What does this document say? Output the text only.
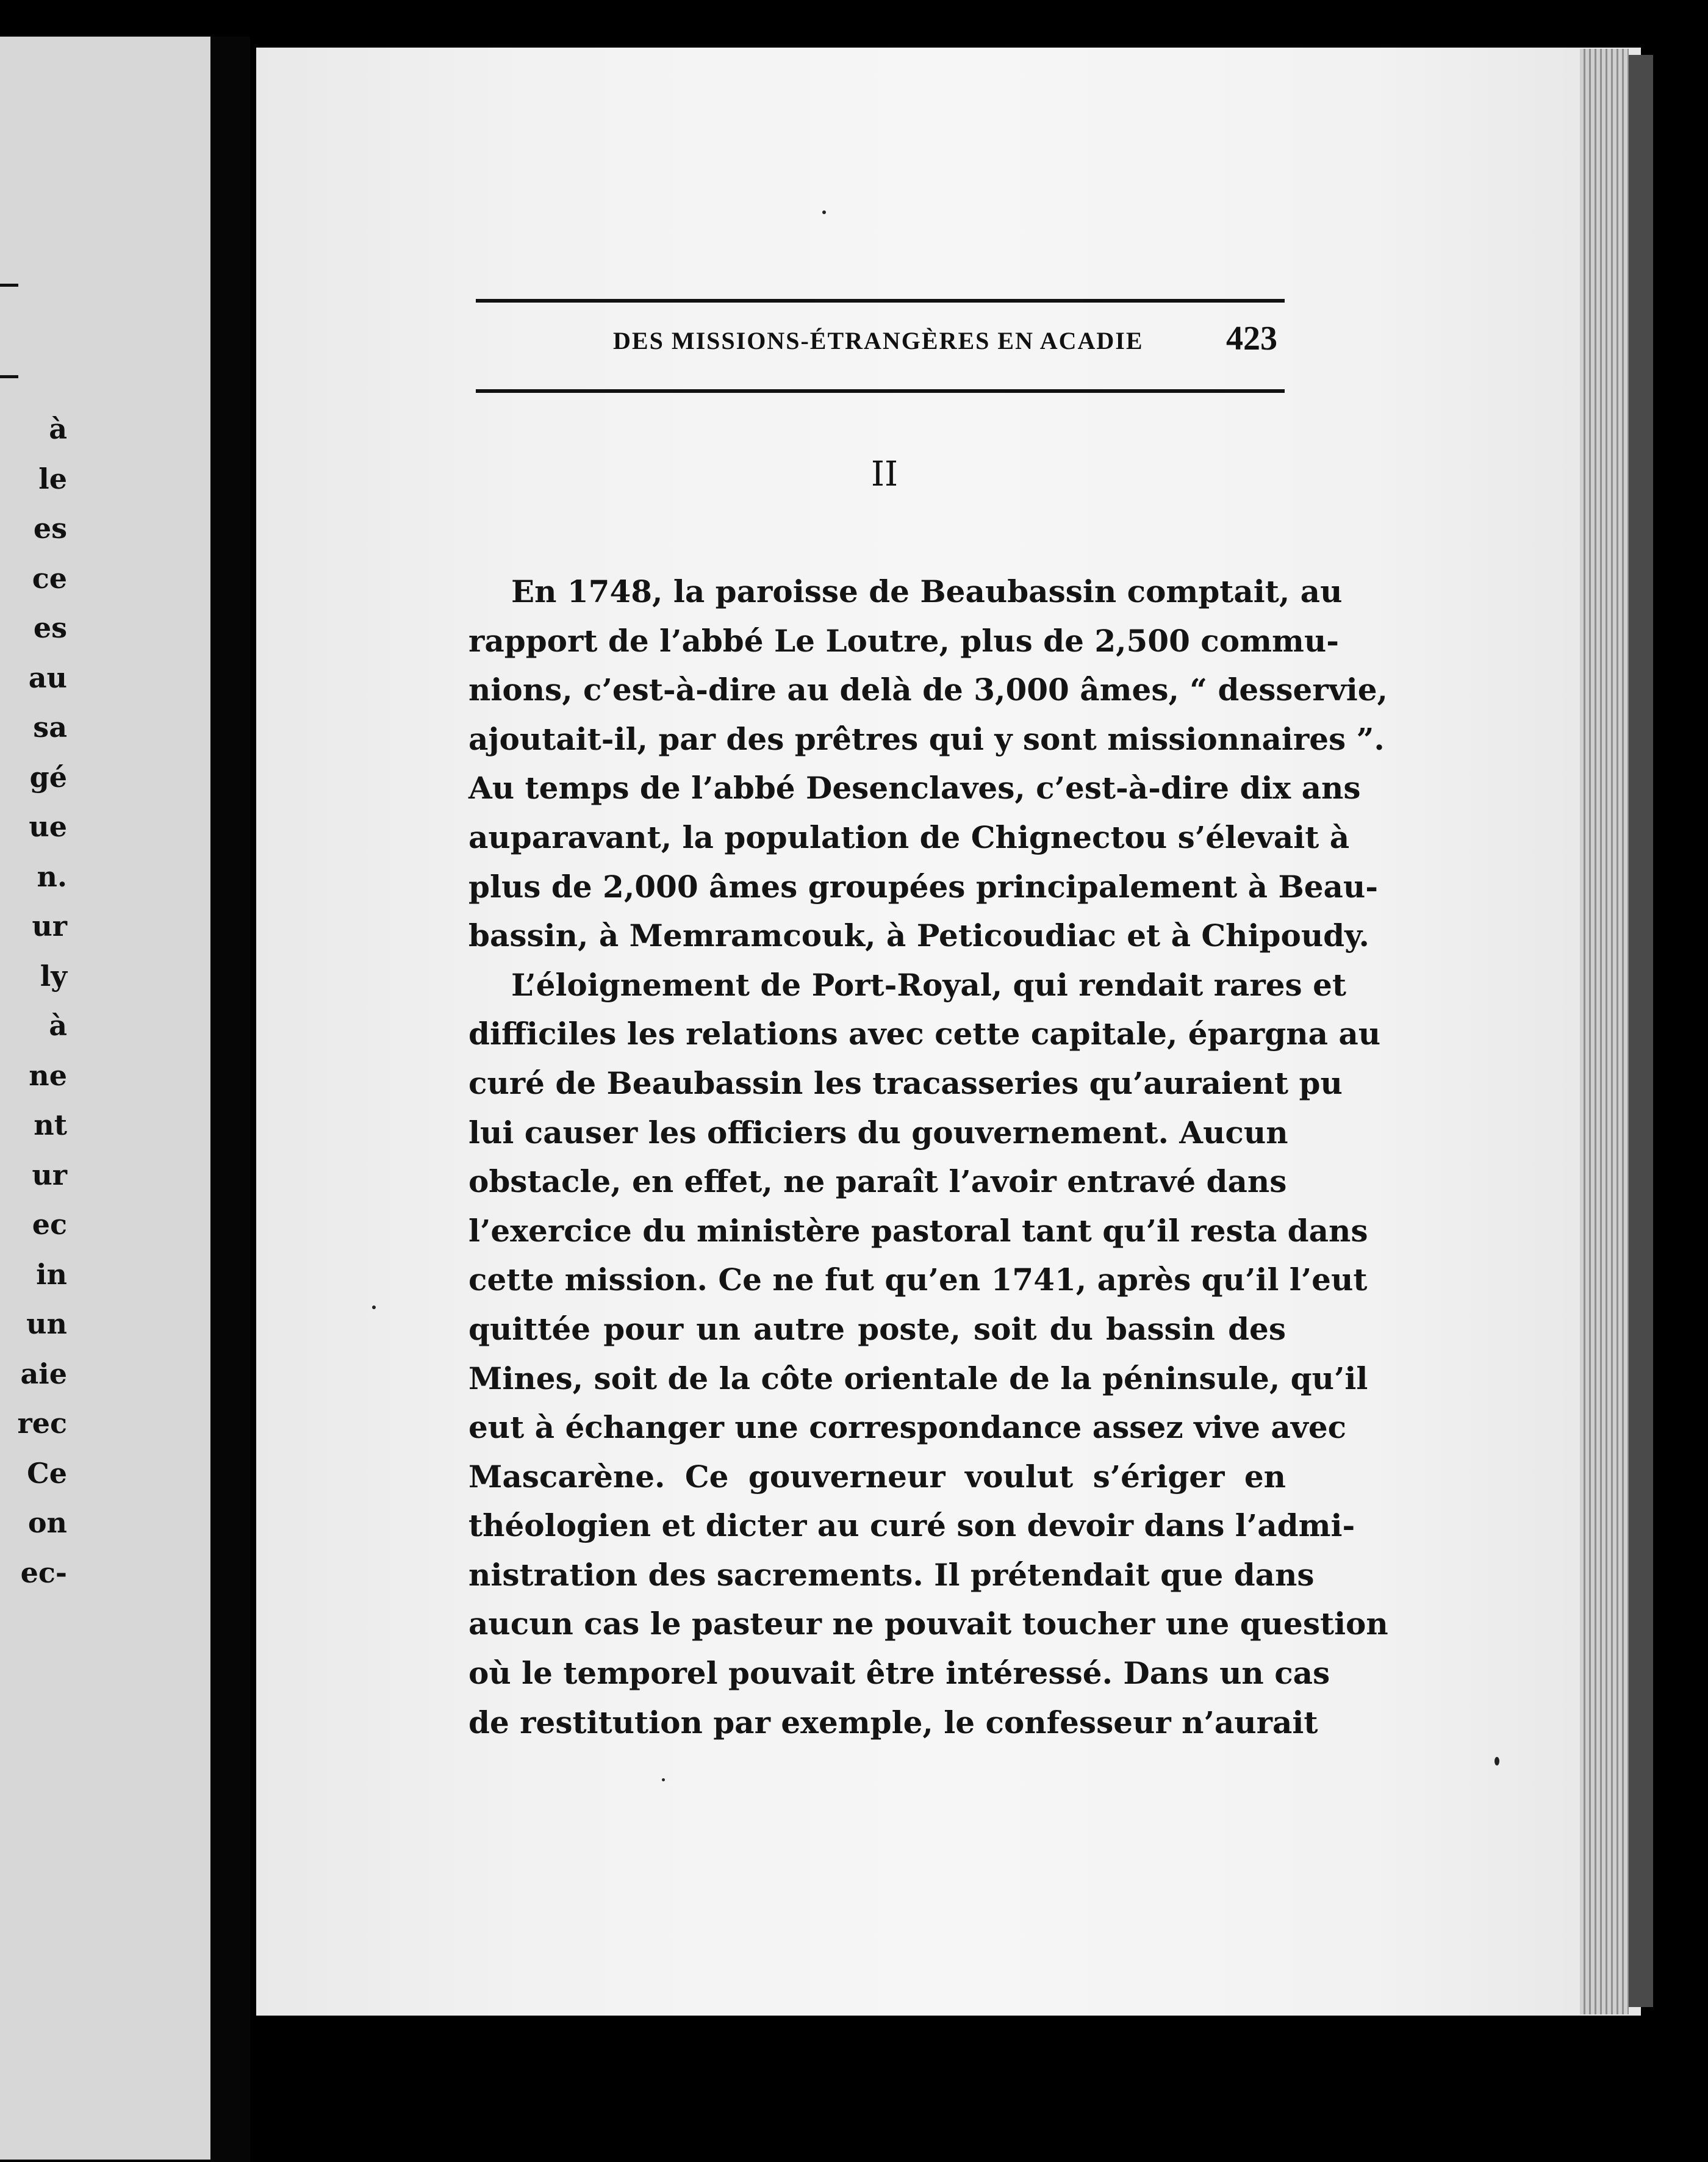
à
le
es
ce
es
au
sa
gé
ue
n.
ur
ly
à
ne
nt
ur
ec
in
un
aie
rec
Ce
on
ec-
DES MISSIONS-ÉTRANGÈRES EN ACADIE 423
II
En 1748, la paroisse de Beaubassin comptait, au
rapport de l’abbé Le Loutre, plus de 2,500 commu-
nions, c’est-à-dire au delà de 3,000 âmes, “ desservie,
ajoutait-il, par des prêtres qui y sont missionnaires ”.
Au temps de l’abbé Desenclaves, c’est-à-dire dix ans
auparavant, la population de Chignectou s’élevait à
plus de 2,000 âmes groupées principalement à Beau-
bassin, à Memramcouk, à Peticoudiac et à Chipoudy.
L’éloignement de Port-Royal, qui rendait rares et
difficiles les relations avec cette capitale, épargna au
curé de Beaubassin les tracasseries qu’auraient pu
lui causer les officiers du gouvernement. Aucun
obstacle, en effet, ne paraît l’avoir entravé dans
l’exercice du ministère pastoral tant qu’il resta dans
cette mission. Ce ne fut qu’en 1741, après qu’il l’eut
quittée pour un autre poste, soit du bassin des
Mines, soit de la côte orientale de la péninsule, qu’il
eut à échanger une correspondance assez vive avec
Mascarène. Ce gouverneur voulut s’ériger en
théologien et dicter au curé son devoir dans l’admi-
nistration des sacrements. Il prétendait que dans
aucun cas le pasteur ne pouvait toucher une question
où le temporel pouvait être intéressé. Dans un cas
de restitution par exemple, le confesseur n’aurait
